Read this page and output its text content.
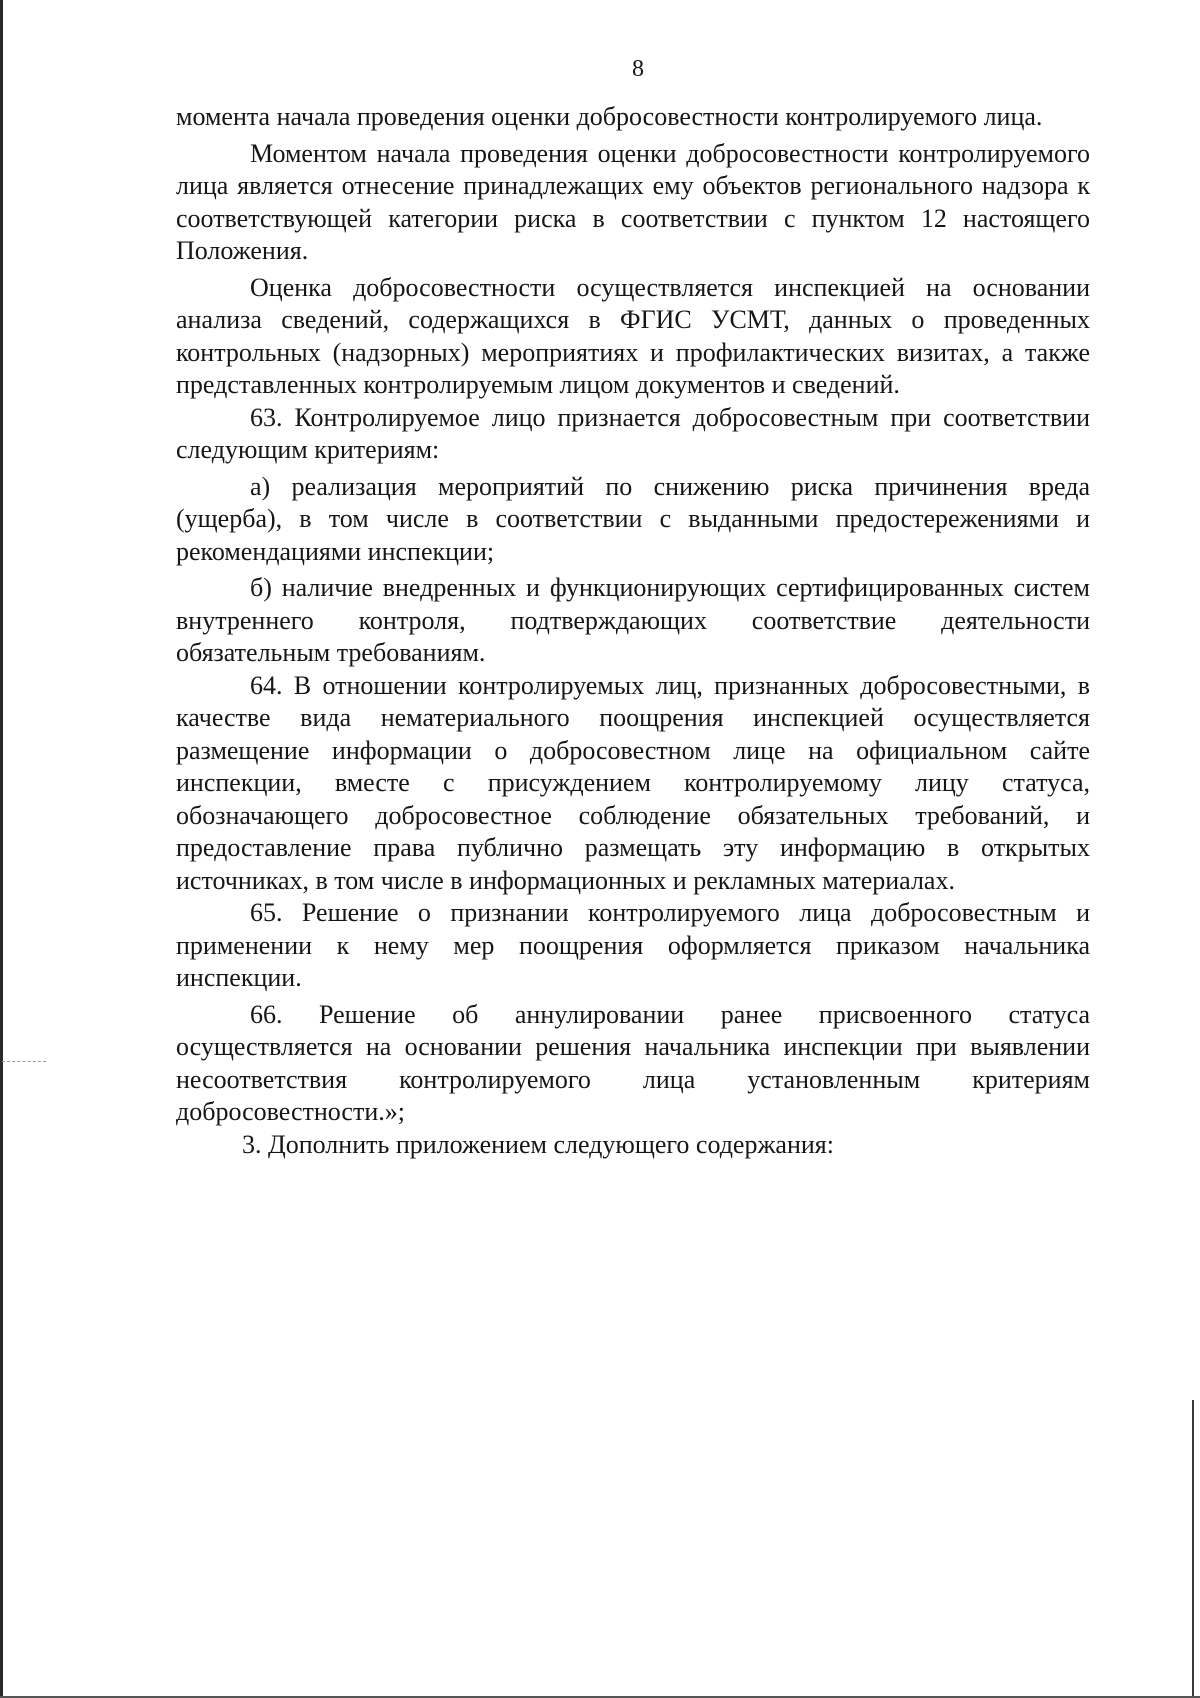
8

момента начала проведения оценки добросовестности контролируемого лица.

Моментом начала проведения оценки добросовестности контролируемого лица является отнесение принадлежащих ему объектов регионального надзора к соответствующей категории риска в соответствии с пунктом 12 настоящего Положения.

Оценка добросовестности осуществляется инспекцией на основании анализа сведений, содержащихся в ФГИС УСМТ, данных о проведенных контрольных (надзорных) мероприятиях и профилактических визитах, а также представленных контролируемым лицом документов и сведений.

63. Контролируемое лицо признается добросовестным при соответствии следующим критериям:

а) реализация мероприятий по снижению риска причинения вреда (ущерба), в том числе в соответствии с выданными предостережениями и рекомендациями инспекции;

б) наличие внедренных и функционирующих сертифицированных систем внутреннего контроля, подтверждающих соответствие деятельности обязательным требованиям.

64. В отношении контролируемых лиц, признанных добросовестными, в качестве вида нематериального поощрения инспекцией осуществляется размещение информации о добросовестном лице на официальном сайте инспекции, вместе с присуждением контролируемому лицу статуса, обозначающего добросовестное соблюдение обязательных требований, и предоставление права публично размещать эту информацию в открытых источниках, в том числе в информационных и рекламных материалах.

65. Решение о признании контролируемого лица добросовестным и применении к нему мер поощрения оформляется приказом начальника инспекции.

66. Решение об аннулировании ранее присвоенного статуса осуществляется на основании решения начальника инспекции при выявлении несоответствия контролируемого лица установленным критериям добросовестности.»;

3. Дополнить приложением следующего содержания:
